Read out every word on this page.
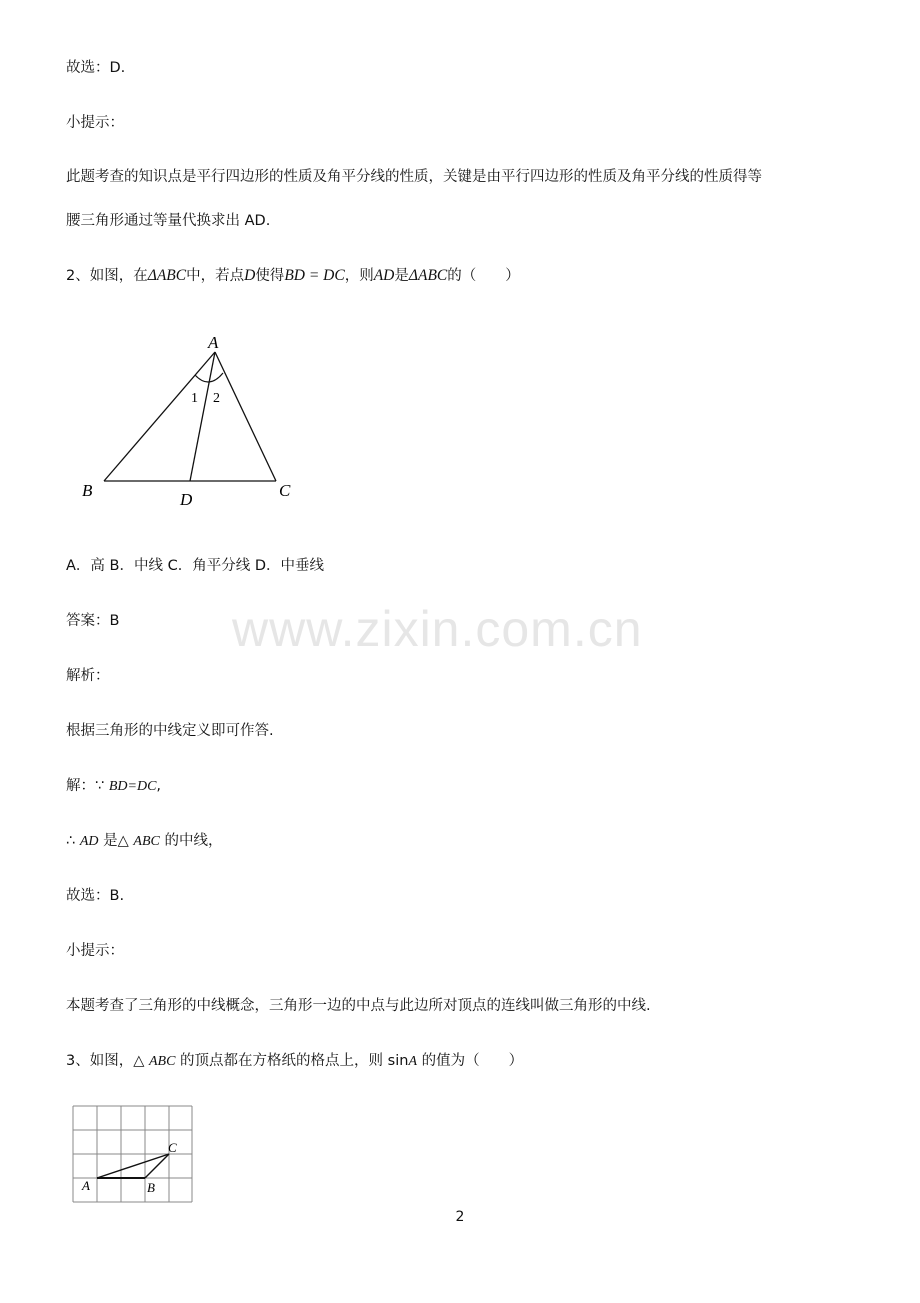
www.zixin.com.cn
故选：D.
小提示：
此题考查的知识点是平行四边形的性质及角平分线的性质，关键是由平行四边形的性质及角平分线的性质得等
腰三角形通过等量代换求出 AD.
2、如图，在ΔABC中，若点D使得BD = DC，则AD是ΔABC的（　　）
A
B	C
D
1 2
A．高 B．中线 C．角平分线 D．中垂线
答案：B
解析：
根据三角形的中线定义即可作答.
解：∵ BD=DC,
∴ AD 是△ ABC 的中线，
故选：B.
小提示：
本题考查了三角形的中线概念，三角形一边的中点与此边所对顶点的连线叫做三角形的中线.
3、如图，△ ABC 的顶点都在方格纸的格点上，则 sinA 的值为（　　）
A	B
C
2
